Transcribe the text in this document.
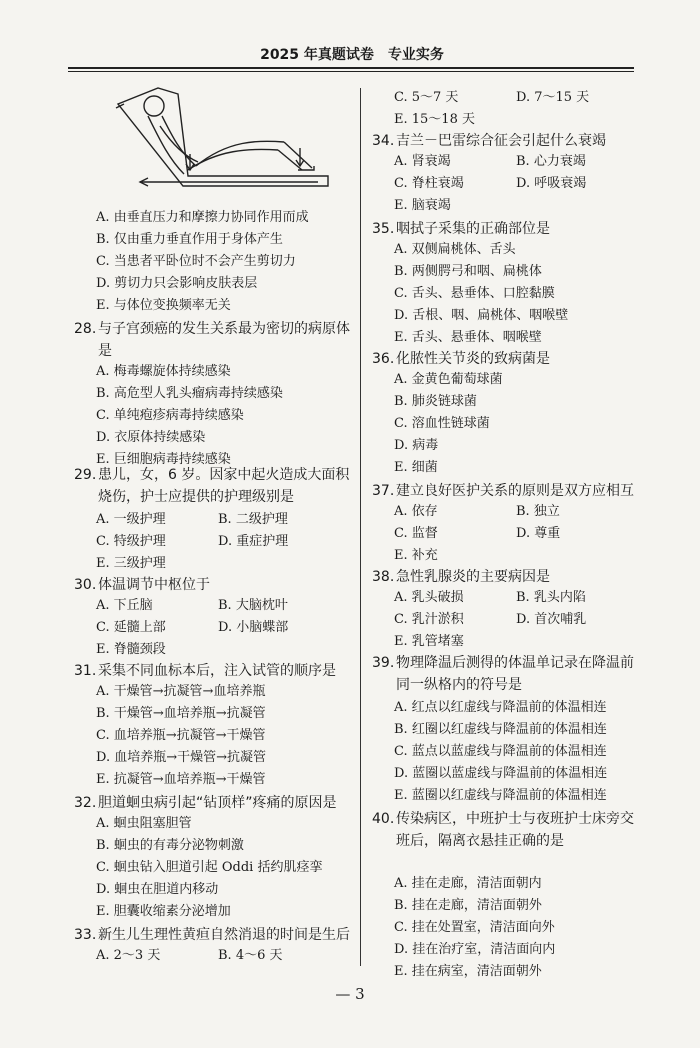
2025 年真题试卷　专业实务
A. 由垂直压力和摩擦力协同作用而成
B. 仅由重力垂直作用于身体产生
C. 当患者平卧位时不会产生剪切力
D. 剪切力只会影响皮肤表层
E. 与体位变换频率无关
28. 与子宫颈癌的发生关系最为密切的病原体是
A. 梅毒螺旋体持续感染
B. 高危型人乳头瘤病毒持续感染
C. 单纯疱疹病毒持续感染
D. 衣原体持续感染
E. 巨细胞病毒持续感染
29. 患儿，女，6 岁。因家中起火造成大面积烧伤，护士应提供的护理级别是
A. 一级护理	B. 二级护理
C. 特级护理	D. 重症护理
E. 三级护理
30. 体温调节中枢位于
A. 下丘脑	B. 大脑枕叶
C. 延髓上部	D. 小脑蝶部
E. 脊髓颈段
31. 采集不同血标本后，注入试管的顺序是
A. 干燥管→抗凝管→血培养瓶
B. 干燥管→血培养瓶→抗凝管
C. 血培养瓶→抗凝管→干燥管
D. 血培养瓶→干燥管→抗凝管
E. 抗凝管→血培养瓶→干燥管
32. 胆道蛔虫病引起“钻顶样”疼痛的原因是
A. 蛔虫阻塞胆管
B. 蛔虫的有毒分泌物刺激
C. 蛔虫钻入胆道引起 Oddi 括约肌痉挛
D. 蛔虫在胆道内移动
E. 胆囊收缩素分泌增加
33. 新生儿生理性黄疸自然消退的时间是生后
A. 2～3 天	B. 4～6 天
C. 5～7 天	D. 7～15 天
E. 15～18 天
34. 吉兰－巴雷综合征会引起什么衰竭
A. 肾衰竭	B. 心力衰竭
C. 脊柱衰竭	D. 呼吸衰竭
E. 脑衰竭
35. 咽拭子采集的正确部位是
A. 双侧扁桃体、舌头
B. 两侧腭弓和咽、扁桃体
C. 舌头、悬垂体、口腔黏膜
D. 舌根、咽、扁桃体、咽喉壁
E. 舌头、悬垂体、咽喉壁
36. 化脓性关节炎的致病菌是
A. 金黄色葡萄球菌
B. 肺炎链球菌
C. 溶血性链球菌
D. 病毒
E. 细菌
37. 建立良好医护关系的原则是双方应相互
A. 依存	B. 独立
C. 监督	D. 尊重
E. 补充
38. 急性乳腺炎的主要病因是
A. 乳头破损	B. 乳头内陷
C. 乳汁淤积	D. 首次哺乳
E. 乳管堵塞
39. 物理降温后测得的体温单记录在降温前同一纵格内的符号是
A. 红点以红虚线与降温前的体温相连
B. 红圈以红虚线与降温前的体温相连
C. 蓝点以蓝虚线与降温前的体温相连
D. 蓝圈以蓝虚线与降温前的体温相连
E. 蓝圈以红虚线与降温前的体温相连
40. 传染病区，中班护士与夜班护士床旁交班后，隔离衣悬挂正确的是
A. 挂在走廊，清洁面朝内
B. 挂在走廊，清洁面朝外
C. 挂在处置室，清洁面向外
D. 挂在治疗室，清洁面向内
E. 挂在病室，清洁面朝外
— 3
